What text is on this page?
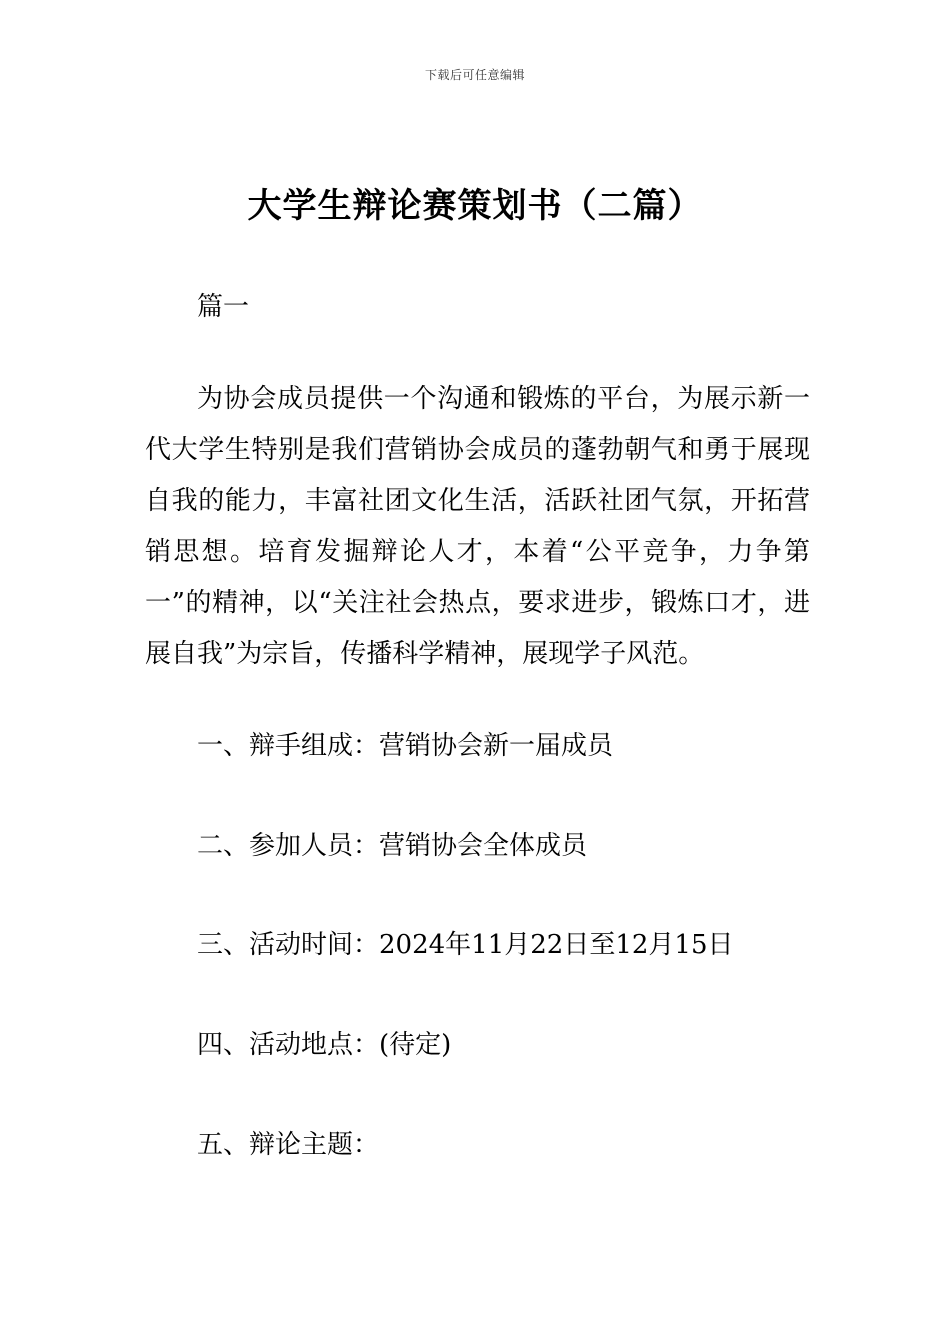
下载后可任意编辑
大学生辩论赛策划书（二篇）

篇一

为协会成员提供一个沟通和锻炼的平台，为展示新一代大学生特别是我们营销协会成员的蓬勃朝气和勇于展现自我的能力，丰富社团文化生活，活跃社团气氛，开拓营销思想。培育发掘辩论人才，本着“公平竞争，力争第一”的精神，以“关注社会热点，要求进步，锻炼口才，进展自我”为宗旨，传播科学精神，展现学子风范。

一、辩手组成：营销协会新一届成员

二、参加人员：营销协会全体成员

三、活动时间：2024年11月22日至12月15日

四、活动地点：(待定)

五、辩论主题：
